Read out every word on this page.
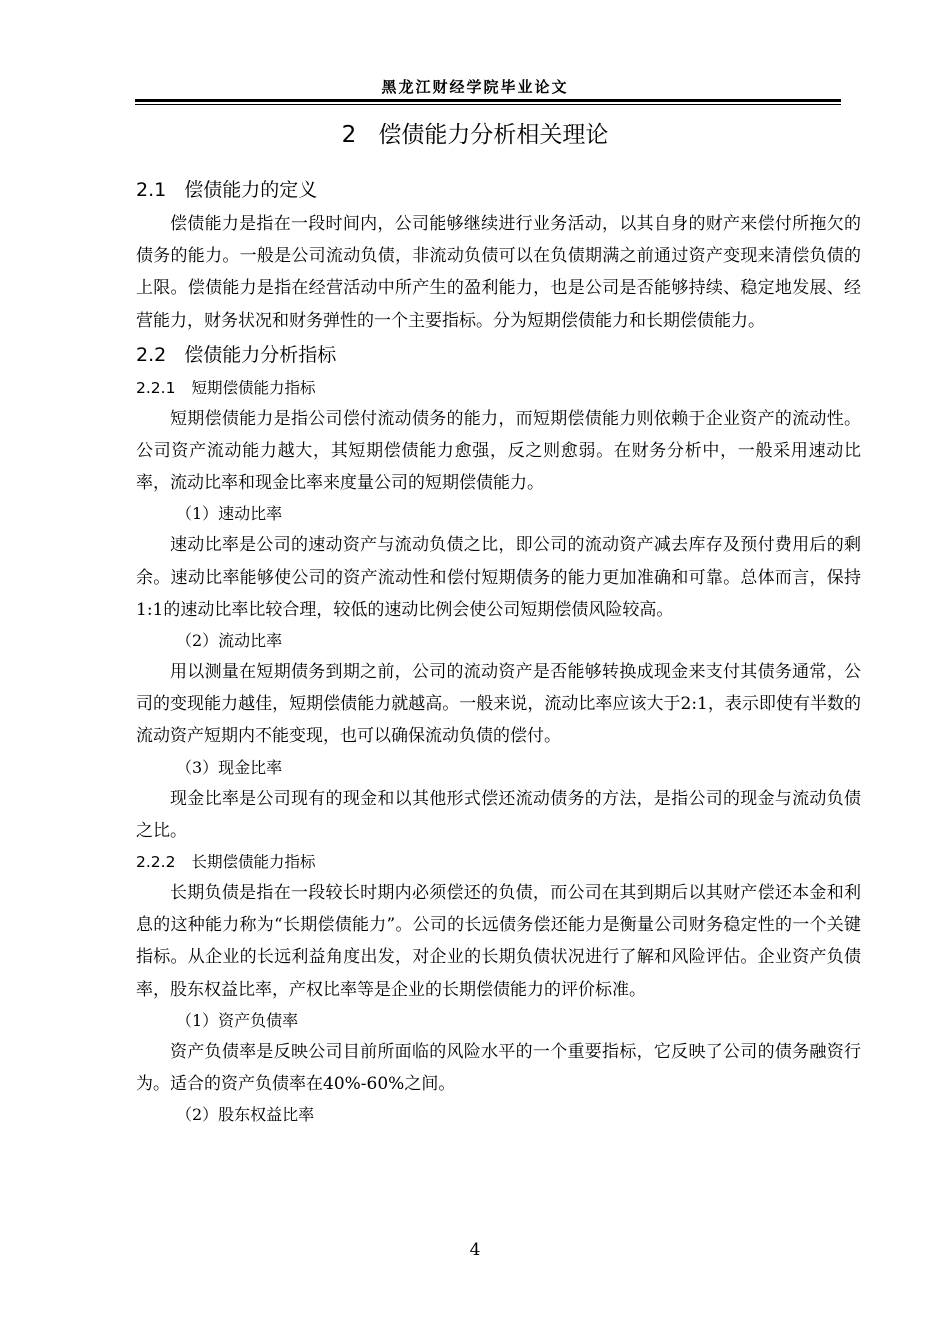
黑龙江财经学院毕业论文
2 偿债能力分析相关理论
2.1 偿债能力的定义

偿债能力是指在一段时间内，公司能够继续进行业务活动，以其自身的财产来偿付所拖欠的债务的能力。一般是公司流动负债，非流动负债可以在负债期满之前通过资产变现来清偿负债的上限。偿债能力是指在经营活动中所产生的盈利能力，也是公司是否能够持续、稳定地发展、经营能力，财务状况和财务弹性的一个主要指标。分为短期偿债能力和长期偿债能力。

2.2 偿债能力分析指标
2.2.1 短期偿债能力指标

短期偿债能力是指公司偿付流动债务的能力，而短期偿债能力则依赖于企业资产的流动性。公司资产流动能力越大，其短期偿债能力愈强，反之则愈弱。在财务分析中，一般采用速动比率，流动比率和现金比率来度量公司的短期偿债能力。

（1）速动比率

速动比率是公司的速动资产与流动负债之比，即公司的流动资产减去库存及预付费用后的剩余。速动比率能够使公司的资产流动性和偿付短期债务的能力更加准确和可靠。总体而言，保持1:1的速动比率比较合理，较低的速动比例会使公司短期偿债风险较高。

（2）流动比率

用以测量在短期债务到期之前，公司的流动资产是否能够转换成现金来支付其债务通常，公司的变现能力越佳，短期偿债能力就越高。一般来说，流动比率应该大于2:1，表示即使有半数的流动资产短期内不能变现，也可以确保流动负债的偿付。

（3）现金比率

现金比率是公司现有的现金和以其他形式偿还流动债务的方法，是指公司的现金与流动负债之比。

2.2.2 长期偿债能力指标

长期负债是指在一段较长时期内必须偿还的负债，而公司在其到期后以其财产偿还本金和利息的这种能力称为“长期偿债能力”。公司的长远债务偿还能力是衡量公司财务稳定性的一个关键指标。从企业的长远利益角度出发，对企业的长期负债状况进行了解和风险评估。企业资产负债率，股东权益比率，产权比率等是企业的长期偿债能力的评价标准。

（1）资产负债率

资产负债率是反映公司目前所面临的风险水平的一个重要指标，它反映了公司的债务融资行为。适合的资产负债率在40%-60%之间。

（2）股东权益比率
4
